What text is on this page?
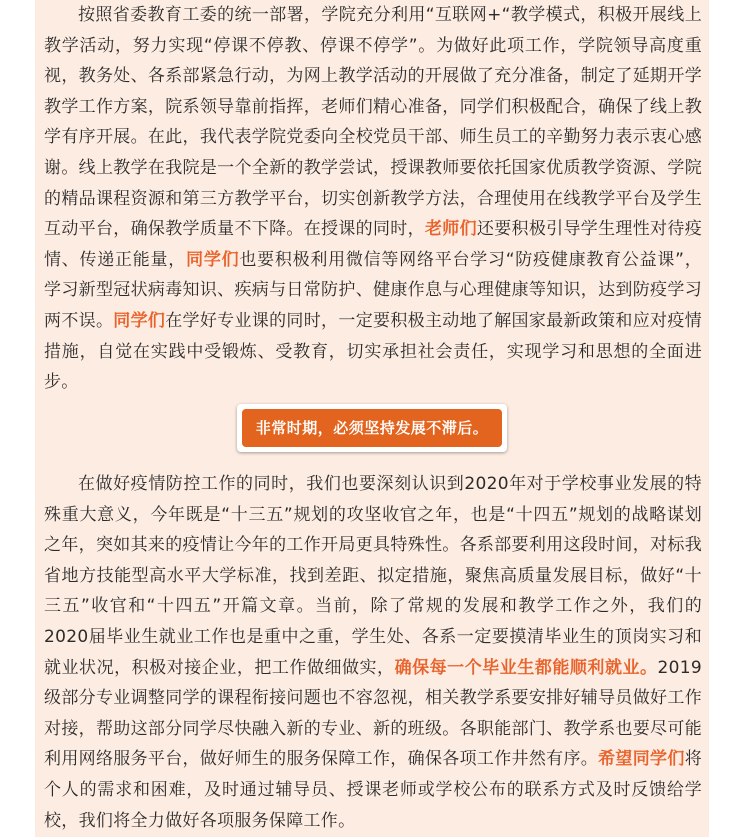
按照省委教育工委的统一部署，学院充分利用“互联网+“教学模式，积极开展线上教学活动，努力实现“停课不停教、停课不停学”。为做好此项工作，学院领导高度重视，教务处、各系部紧急行动，为网上教学活动的开展做了充分准备，制定了延期开学教学工作方案，院系领导靠前指挥，老师们精心准备，同学们积极配合，确保了线上教学有序开展。在此，我代表学院党委向全校党员干部、师生员工的辛勤努力表示衷心感谢。线上教学在我院是一个全新的教学尝试，授课教师要依托国家优质教学资源、学院的精品课程资源和第三方教学平台，切实创新教学方法，合理使用在线教学平台及学生互动平台，确保教学质量不下降。在授课的同时，老师们还要积极引导学生理性对待疫情、传递正能量，同学们也要积极利用微信等网络平台学习“防疫健康教育公益课”，学习新型冠状病毒知识、疾病与日常防护、健康作息与心理健康等知识，达到防疫学习两不误。同学们在学好专业课的同时，一定要积极主动地了解国家最新政策和应对疫情措施，自觉在实践中受锻炼、受教育，切实承担社会责任，实现学习和思想的全面进步。

非常时期，必须坚持发展不滞后。

在做好疫情防控工作的同时，我们也要深刻认识到2020年对于学校事业发展的特殊重大意义，今年既是“十三五”规划的攻坚收官之年，也是“十四五”规划的战略谋划之年，突如其来的疫情让今年的工作开局更具特殊性。各系部要利用这段时间，对标我省地方技能型高水平大学标准，找到差距、拟定措施，聚焦高质量发展目标，做好“十三五”收官和“十四五”开篇文章。当前，除了常规的发展和教学工作之外，我们的2020届毕业生就业工作也是重中之重，学生处、各系一定要摸清毕业生的顶岗实习和就业状况，积极对接企业，把工作做细做实，确保每一个毕业生都能顺利就业。2019级部分专业调整同学的课程衔接问题也不容忽视，相关教学系要安排好辅导员做好工作对接，帮助这部分同学尽快融入新的专业、新的班级。各职能部门、教学系也要尽可能利用网络服务平台，做好师生的服务保障工作，确保各项工作井然有序。希望同学们将个人的需求和困难，及时通过辅导员、授课老师或学校公布的联系方式及时反馈给学校，我们将全力做好各项服务保障工作。
